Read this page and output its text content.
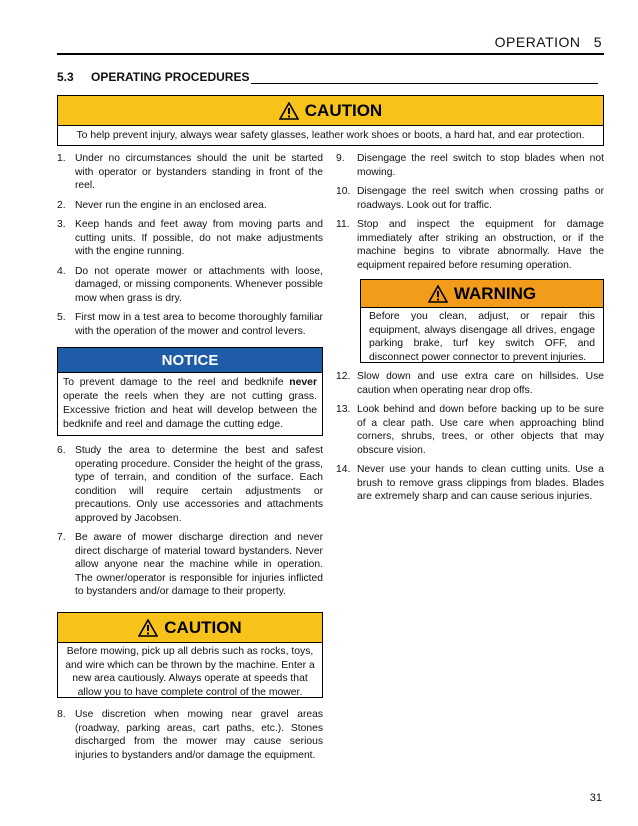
OPERATION   5
5.3 OPERATING PROCEDURES
CAUTION
To help prevent injury, always wear safety glasses, leather work shoes or boots, a hard hat, and ear protection.
1. Under no circumstances should the unit be started with operator or bystanders standing in front of the reel.
2. Never run the engine in an enclosed area.
3. Keep hands and feet away from moving parts and cutting units. If possible, do not make adjustments with the engine running.
4. Do not operate mower or attachments with loose, damaged, or missing components. Whenever possible mow when grass is dry.
5. First mow in a test area to become thoroughly familiar with the operation of the mower and control levers.
NOTICE
To prevent damage to the reel and bedknife never operate the reels when they are not cutting grass. Excessive friction and heat will develop between the bedknife and reel and damage the cutting edge.
6. Study the area to determine the best and safest operating procedure. Consider the height of the grass, type of terrain, and condition of the surface. Each condition will require certain adjustments or precautions. Only use accessories and attachments approved by Jacobsen.
7. Be aware of mower discharge direction and never direct discharge of material toward bystanders. Never allow anyone near the machine while in operation. The owner/operator is responsible for injuries inflicted to bystanders and/or damage to their property.
CAUTION
Before mowing, pick up all debris such as rocks, toys, and wire which can be thrown by the machine. Enter a new area cautiously. Always operate at speeds that allow you to have complete control of the mower.
8. Use discretion when mowing near gravel areas (roadway, parking areas, cart paths, etc.). Stones discharged from the mower may cause serious injuries to bystanders and/or damage the equipment.
9.	Disengage the reel switch to stop blades when not mowing.
10. Disengage the reel switch when crossing paths or roadways. Look out for traffic.
11. Stop and inspect the equipment for damage immediately after striking an obstruction, or if the machine begins to vibrate abnormally. Have the equipment repaired before resuming operation.
WARNING
Before you clean, adjust, or repair this equipment, always disengage all drives, engage parking brake, turf key switch OFF, and disconnect power connector to prevent injuries.
12. Slow down and use extra care on hillsides. Use caution when operating near drop offs.
13. Look behind and down before backing up to be sure of a clear path. Use care when approaching blind corners, shrubs, trees, or other objects that may obscure vision.
14. Never use your hands to clean cutting units. Use a brush to remove grass clippings from blades. Blades are extremely sharp and can cause serious injuries.
31
